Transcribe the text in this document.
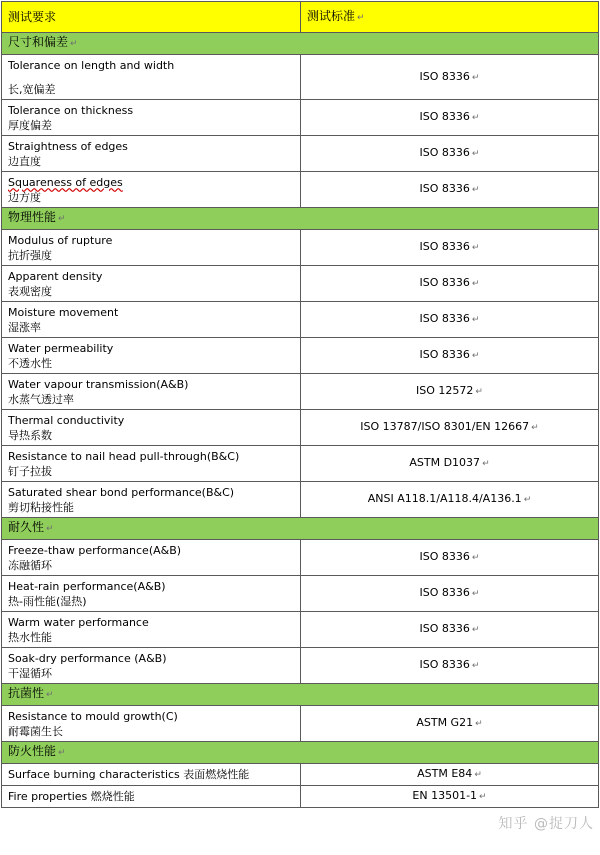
测试要求	测试标准 ↵
尺寸和偏差 ↵	

Tolerance on length and width
长,宽偏差	ISO 8336 ↵

Tolerance on thickness
厚度偏差	ISO 8336 ↵

Straightness of edges
边直度	ISO 8336 ↵

Squareness of edges
边方度	ISO 8336 ↵
物理性能 ↵	

Modulus of rupture
抗折强度	ISO 8336 ↵

Apparent density
表观密度	ISO 8336 ↵

Moisture movement
湿涨率	ISO 8336 ↵

Water permeability
不透水性	ISO 8336 ↵

Water vapour transmission(A&B)
水蒸气透过率	ISO 12572 ↵

Thermal conductivity
导热系数	ISO 13787/ISO 8301/EN 12667 ↵

Resistance to nail head pull-through(B&C)
钉子拉拔	ASTM D1037 ↵

Saturated shear bond performance(B&C)
剪切粘接性能	ANSI A118.1/A118.4/A136.1 ↵
耐久性 ↵	

Freeze-thaw performance(A&B)
冻融循环	ISO 8336 ↵

Heat-rain performance(A&B)
热-雨性能(湿热)	ISO 8336 ↵

Warm water performance
热水性能	ISO 8336 ↵

Soak-dry performance (A&B)
干湿循环	ISO 8336 ↵
抗菌性 ↵	

Resistance to mould growth(C)
耐霉菌生长	ASTM G21 ↵
防火性能 ↵	

Surface burning characteristics 表面燃烧性能	ASTM E84 ↵

Fire properties 燃烧性能	EN 13501-1 ↵
知乎 @捉刀人
